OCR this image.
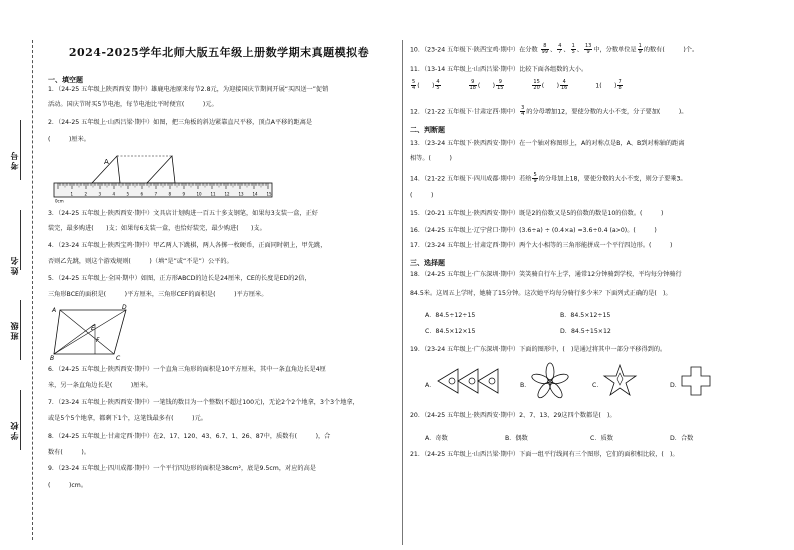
考号
姓名
班级
学校
2024-2025学年北师大版五年级上册数学期末真题模拟卷
一、填空题
1．（24-25 五年级上陕西西安 期中）雄鹿电池原来每节2.8元，为迎接国庆节期间开展“买四送一”促销
活动。国庆节时买5节电池，每节电池比平时便宜(　　　)元。
2．（24-25 五年级上·山西吕梁·期中）如图，把三角板的斜边紧靠直尺平移，顶点A平移的距离是
(　　　)厘米。
A
1	2	3	4	5	6	7	8	9	10 11 12 13 14 15
0cm
3．（24-25 五年级上·陕西西安·期中）文具店计划购进一百五十多支钢笔，如果每3支装一盒，正好
装完，最多购进(　　)支；如果每6支装一盒，也恰好装完，最少购进(　　)支。
4．（23-24 五年级上·陕西宝鸡·期中）甲乙两人下跳棋，两人各掷一枚硬币，正面同时朝上，甲先跳，
否则乙先跳，则这个游戏规则(　　　)（填“是”或“不是”）公平的。
5．（24-25 五年级上·全国·期中）如图，正方形ABCD的边长是24厘米，CE的长度是ED的2倍，
三角形BCE的面积是(　　　)平方厘米，三角形CEF的面积是(　　　)平方厘米。
A
B	C
D
E
F
6．（24-25 五年级上·陕西西安·期中）一个直角三角形的面积是10平方厘米，其中一条直角边长是4厘
米，另一条直角边长是(　　　)厘米。
7．（23-24 五年级上·陕西西安·期中）一笔钱的数目为一个整数(不超过100元)，无论2个2个地拿，3个3个地拿，
或是5个5个地拿，都剩下1个，这笔钱最多有(　　　)元。
8．（24-25 五年级上·甘肃定西·期中）在2、17、120、43、6.7、1、26、87中，质数有(　　　)，合
数有(　　　)。
9．（23-24 五年级上·四川成都·期中）一个平行四边形的面积是38cm²，底是9.5cm，对应的高是
(　　　)cm。
10．（23-24 五年级下·陕西宝鸡·期中）在分数 $\frac{8}{99}$ 、 $\frac{4}{7}$ 、 $\frac{1}{5}$ 、 $\frac{13}{9}$ 中，分数单位是 $\frac{1}{9}$ 的数有(　　　)个。
11．（13-14 五年级上·山西吕梁·期中）比较下面各组数的大小。
$\frac{5}{4}$ (　　) $\frac{4}{5}$
	$\frac{9}{18}$ (　　) $\frac{9}{15}$
	$\frac{15}{20}$ (　　) $\frac{4}{16}$	1(　　) $\frac{7}{8}$
12．（21-22 五年级下·甘肃定西·期中） $\frac{3}{4}$ 的分母增加12，要使分数的大小不变，分子要加(　　　)。
二、判断题
13．（23-24 五年级下·陕西西安·期中）在一个轴对称图形上，A的对称点是B，A、B到对称轴的距离
相等。(　　　)
14．（21-22 五年级下·四川成都·期中）若给 $\frac{5}{9}$ 的分母加上18，要使分数的大小不变，则分子要乘3。
(　　　)
15．（20-21 五年级上·陕西西安·期中）既是2的倍数又是5的倍数的数是10的倍数。(　　　)
16．（24-25 五年级上·辽宁营口·期中）(3.6÷a) ÷ (0.4×a) =3.6÷0.4 (a>0)。(　　　)
17．（23-24 五年级上·甘肃定西·期中）两个大小相等的三角形能拼成一个平行四边形。(　　　)
三、选择题
18．（24-25 五年级上·广东深圳·期中）笑笑骑自行车上学，通常12分钟骑到学校，平均每分钟骑行
84.5米。这周五上学时，她骑了15分钟。这次她平均每分骑行多少米？下面列式正确的是(　)。
A．84.5÷12÷15	B．84.5×12÷15
C．84.5×12×15	D．84.5÷15×12
19．（23-24 五年级上·广东深圳·期中）下面的图形中，(　)是通过将其中一部分平移得到的。
A．	B．	C．	D．
20．（24-25 五年级上·陕西西安·期中）2、7、13、29这四个数都是(　)。
A．奇数	B．偶数	C．质数	D．合数
21．（24-25 五年级上·山西吕梁·期中）下面一组平行线间有三个图形，它们的面积相比较，(　)。
